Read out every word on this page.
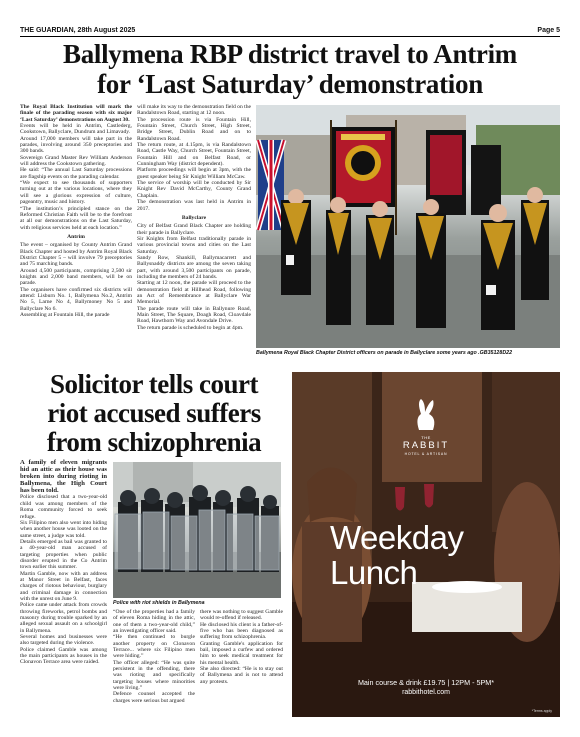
THE GUARDIAN, 28th August 2025	Page 5
Ballymena RBP district travel to Antrim
for ‘Last Saturday’ demonstration

The Royal Black Institution will mark the finale of the parading season with six major ‘Last Saturday’ demonstrations on August 30.

Events will be held in Antrim, Castlederg, Cookstown, Ballyclare, Dundrum and Limavady.

Around 17,000 members will take part in the parades, involving around 350 preceptories and 300 bands.

Sovereign Grand Master Rev William Anderson will address the Cookstown gathering.

He said: “The annual Last Saturday processions are flagship events on the parading calendar.

“We expect to see thousands of supporters turning out at the various locations, where they will see a glorious expression of culture, pageantry, music and history.

“The institution’s principled stance on the Reformed Christian Faith will be to the forefront at all our demonstrations on the Last Saturday, with religious services held at each location.”

Antrim

The event – organised by County Antrim Grand Black Chapter and hosted by Antrim Royal Black District Chapter 5 – will involve 79 preceptories and 75 marching bands.

Around 4,500 participants, comprising 2,500 sir knights and 2,000 band members, will be on parade.

The organisers have confirmed six districts will attend: Lisburn No. 1, Ballymena No.2, Antrim No 5, Larne No 4, Ballymoney No 5 and Ballyclare No 6.

Assembling at Fountain Hill, the parade

will make its way to the demonstration field on the Randalstown Road, starting at 12 noon.

The procession route is via Fountain Hill, Fountain Street, Church Street, High Street, Bridge Street, Dublin Road and on to Randalstown Road.

The return route, at 4.15pm, is via Randalstown Road, Castle Way, Church Street, Fountain Street, Fountain Hill and on Belfast Road, or Cunningham Way (district dependent).

Platform proceedings will begin at 3pm, with the guest speaker being Sir Knight William McCaw.

The service of worship will be conducted by Sir Knight Rev David McCarthy, County Grand Chaplain.

The demonstration was last held in Antrim in 2017.

Ballyclare

City of Belfast Grand Black Chapter are holding their parade in Ballyclare.

Sir Knights from Belfast traditionally parade in various provincial towns and cities on the Last Saturday.

Sandy Row, Shankill, Ballymacarrett and Ballysnaddy districts are among the seven taking part, with around 3,500 participants on parade, including the members of 24 bands.

Starting at 12 noon, the parade will proceed to the demonstration field at Hillhead Road, following an Act of Remembrance at Ballyclare War Memorial.

The parade route will take in Ballynure Road, Main Street, The Square, Doagh Road, Cloavdale Road, Hawthorn Way and Avondale Drive.

The return parade is scheduled to begin at 4pm.

Ballymena Royal Black Chapter District officers on parade in Ballyclare some years ago .GB35128D22
Solicitor tells court
riot accused suffers
from schizophrenia

A family of eleven migrants hid an attic as their house was broken into during rioting in Ballymena, the High Court has been told.

Police disclosed that a two-year-old child was among members of the Roma community forced to seek refuge.

Six Filipino men also went into hiding when another house was looted on the same street, a judge was told.

Details emerged as bail was granted to a 40-year-old man accused of targeting properties when public disorder erupted in the Co Antrim town earlier this summer.

Martin Gamble, now with an address at Manor Street in Belfast, faces charges of riotous behaviour, burglary and criminal damage in connection with the unrest on June 9.

Police came under attack from crowds throwing fireworks, petrol bombs and masonry during trouble sparked by an alleged sexual assault on a schoolgirl in Ballymena.

Several homes and businesses were also targeted during the violence.

Police claimed Gamble was among the main participants as houses in the Clonavon Terrace area were raided.

Police with riot shields in Ballymena

“One of the properties had a family of eleven Roma hiding in the attic, one of them a two-year-old child,” an investigating officer said.

“He then continued to burgle another property on Clonavon Terrace... where six Filipino men were hiding.”

The officer alleged: “He was quite persistent in the offending, there was rioting and specifically targeting houses where minorities were living.”

Defence counsel accepted the charges were serious but argued

there was nothing to suggest Gamble would re-offend if released.

He disclosed his client is a father-of-five who has been diagnosed as suffering from schizophrenia.

Granting Gamble's application for bail, imposed a curfew and ordered him to seek medical treatment for his mental health.

She also directed: “He is to stay out of Ballymena and is not to attend any protests.

THE
RABBIT
HOTEL & ARTISAN
Weekday
Lunch
Main course & drink £19.75 | 12PM - 5PM*
rabbithotel.com
*Terms apply
